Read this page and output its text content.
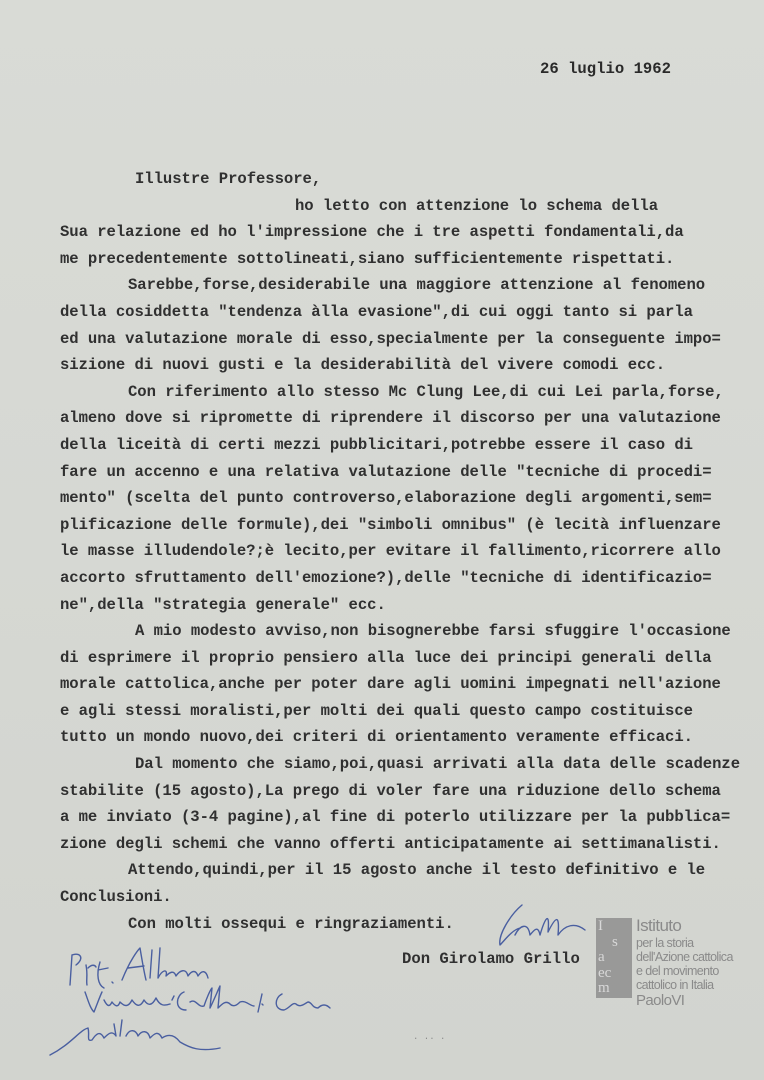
26 luglio 1962
Illustre Professore,
ho letto con attenzione lo schema della
Sua relazione ed ho l'impressione che i tre aspetti fondamentali,da
me precedentemente sottolineati,siano sufficientemente rispettati.
Sarebbe,forse,desiderabile una maggiore attenzione al fenomeno
della cosiddetta "tendenza àlla evasione",di cui oggi tanto si parla
ed una valutazione morale di esso,specialmente per la conseguente impo=
sizione di nuovi gusti e la desiderabilità del vivere comodi ecc.
Con riferimento allo stesso Mc Clung Lee,di cui Lei parla,forse,
almeno dove si ripromette di riprendere il discorso per una valutazione
della liceità di certi mezzi pubblicitari,potrebbe essere il caso di
fare un accenno e una relativa valutazione delle "tecniche di procedi=
mento" (scelta del punto controverso,elaborazione degli argomenti,sem=
plificazione delle formule),dei "simboli omnibus" (è lecità influenzare
le masse illudendole?;è lecito,per evitare il fallimento,ricorrere allo
accorto sfruttamento dell'emozione?),delle "tecniche di identificazio=
ne",della "strategia generale" ecc.
A mio modesto avviso,non bisognerebbe farsi sfuggire l'occasione
di esprimere il proprio pensiero alla luce dei principi generali della
morale cattolica,anche per poter dare agli uomini impegnati nell'azione
e agli stessi moralisti,per molti dei quali questo campo costituisce
tutto un mondo nuovo,dei criteri di orientamento veramente efficaci.
Dal momento che siamo,poi,quasi arrivati alla data delle scadenze
stabilite (15 agosto),La prego di voler fare una riduzione dello schema
a me inviato (3-4 pagine),al fine di poterlo utilizzare per la pubblica=
zione degli schemi che vanno offerti anticipatamente ai settimanalisti.
Attendo,quindi,per il 15 agosto anche il testo definitivo e le
Conclusioni.
Con molti ossequi e ringraziamenti.
Don Girolamo Grillo
I
s
a
ec
m
Istituto
per la storia
dell'Azione cattolica
e del movimento
cattolico in Italia
PaoloVI
· ·· ·
